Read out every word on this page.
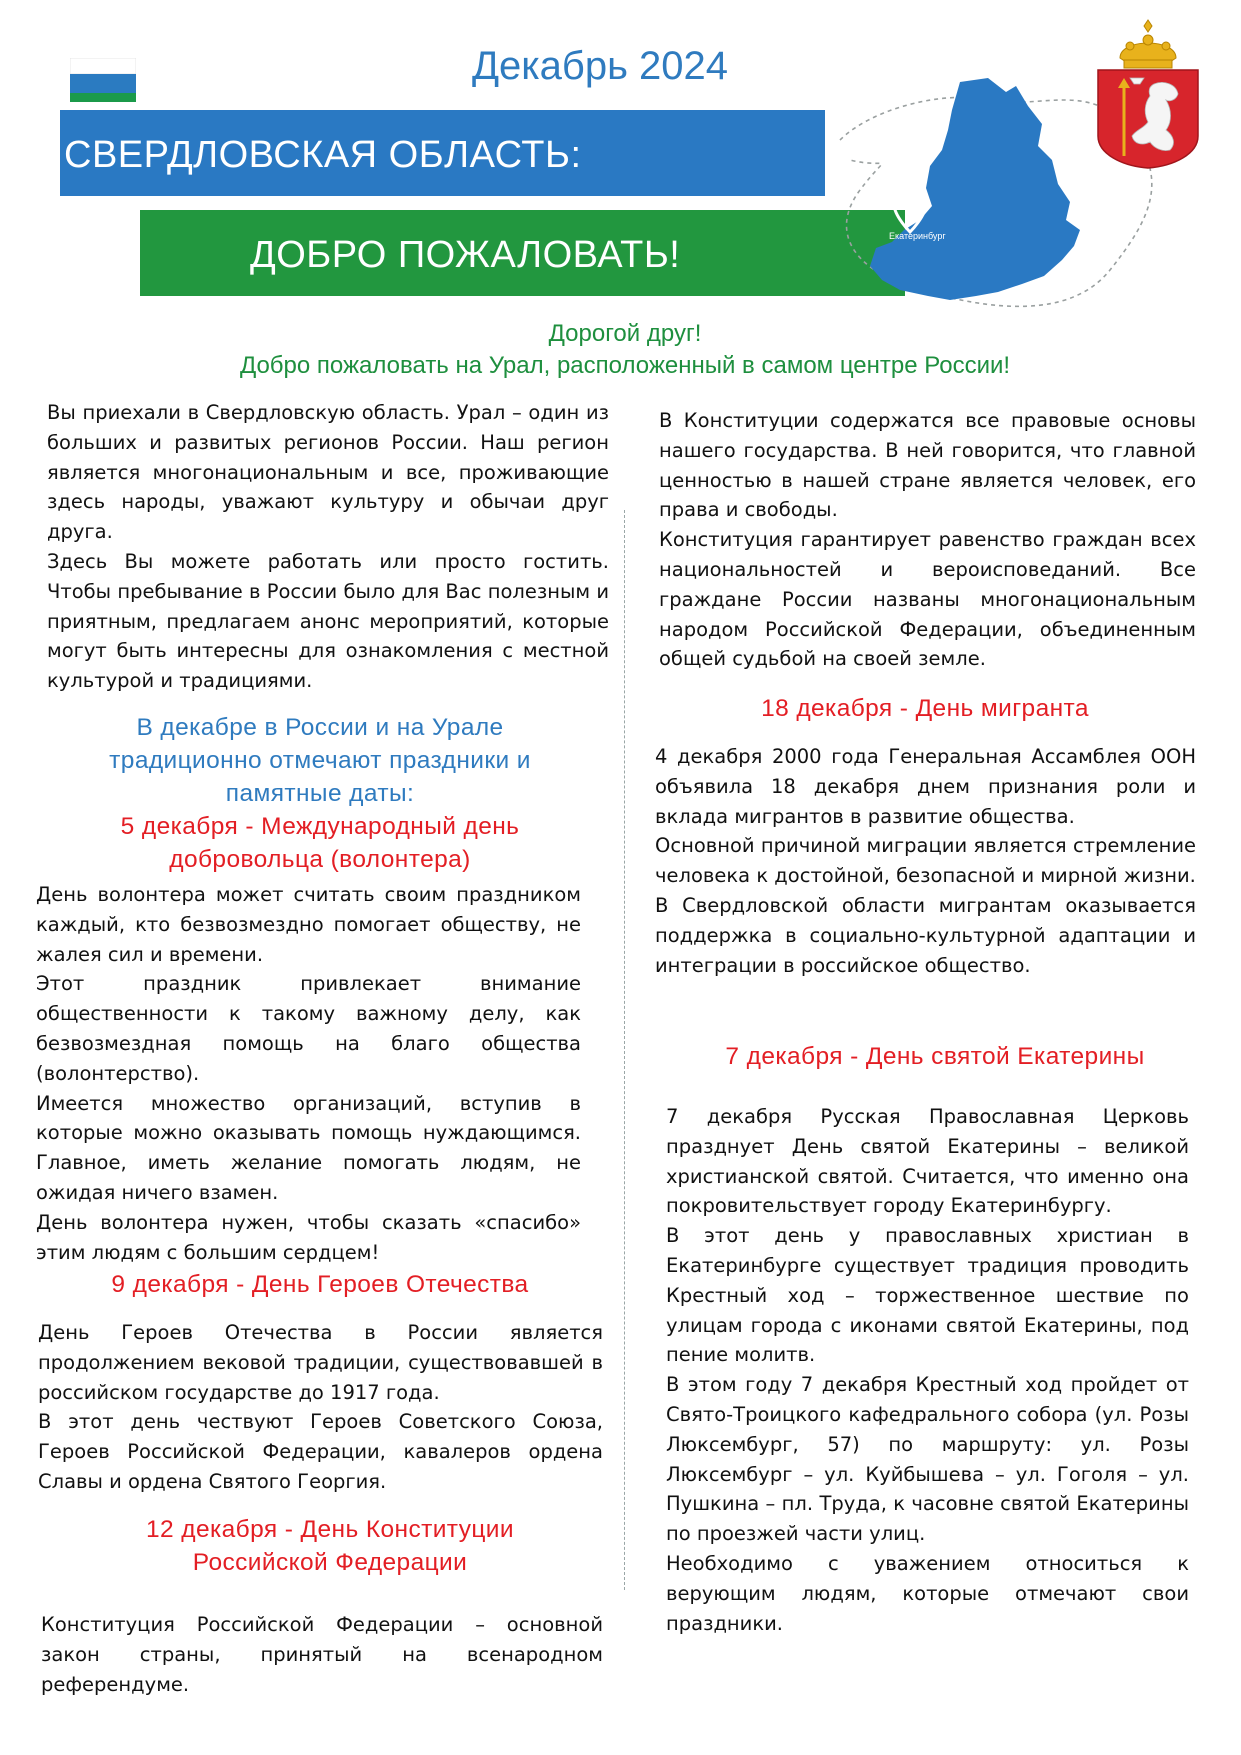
Декабрь 2024
СВЕРДЛОВСКАЯ ОБЛАСТЬ:
ДОБРО ПОЖАЛОВАТЬ!	Екатеринбург
Дорогой друг!
Добро пожаловать на Урал, расположенный в самом центре России!

Вы приехали в Свердловскую область. Урал – один из больших и развитых регионов России. Наш регион является многонациональным и все, проживающие здесь народы, уважают культуру и обычаи друг друга.

Здесь Вы можете работать или просто гостить. Чтобы пребывание в России было для Вас полезным и приятным, предлагаем анонс мероприятий, которые могут быть интересны для ознакомления с местной культурой и традициями.

В декабре в России и на Урале традиционно отмечают праздники и памятные даты:
5 декабря - Международный день добровольца (волонтера)

День волонтера может считать своим праздником каждый, кто безвозмездно помогает обществу, не жалея сил и времени.

Этот праздник привлекает внимание общественности к такому важному делу, как безвозмездная помощь на благо общества (волонтерство).

Имеется множество организаций, вступив в которые можно оказывать помощь нуждающимся. Главное, иметь желание помогать людям, не ожидая ничего взамен.

День волонтера нужен, чтобы сказать «спасибо» этим людям с большим сердцем!

9 декабря - День Героев Отечества

День Героев Отечества в России является продолжением вековой традиции, существовавшей в российском государстве до 1917 года.

В этот день чествуют Героев Советского Союза, Героев Российской Федерации, кавалеров ордена Славы и ордена Святого Георгия.

12 декабря - День Конституции
Российской Федерации

Конституция Российской Федерации – основной закон страны, принятый на всенародном референдуме.

В Конституции содержатся все правовые основы нашего государства. В ней говорится, что главной ценностью в нашей стране является человек, его права и свободы.

Конституция гарантирует равенство граждан всех национальностей и вероисповеданий. Все граждане России названы многонациональным народом Российской Федерации, объединенным общей судьбой на своей земле.

18 декабря - День мигранта

4 декабря 2000 года Генеральная Ассамблея ООН объявила 18 декабря днем признания роли и вклада мигрантов в развитие общества.

Основной причиной миграции является стремление человека к достойной, безопасной и мирной жизни.

В Свердловской области мигрантам оказывается поддержка в социально-культурной адаптации и интеграции в российское общество.

7 декабря - День святой Екатерины

7 декабря Русская Православная Церковь празднует День святой Екатерины – великой христианской святой. Считается, что именно она покровительствует городу Екатеринбургу.

В этот день у православных христиан в Екатеринбурге существует традиция проводить Крестный ход – торжественное шествие по улицам города с иконами святой Екатерины, под пение молитв.

В этом году 7 декабря Крестный ход пройдет от Свято-Троицкого кафедрального собора (ул. Розы Люксембург, 57) по маршруту: ул. Розы Люксембург – ул. Куйбышева – ул. Гоголя – ул. Пушкина – пл. Труда, к часовне святой Екатерины по проезжей части улиц.

Необходимо с уважением относиться к верующим людям, которые отмечают свои праздники.
